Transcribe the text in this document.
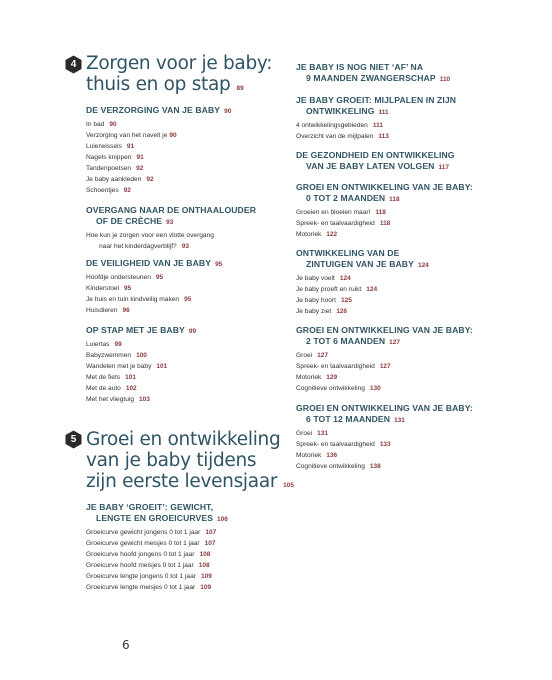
4 Zorgen voor je baby:
thuis en op stap 89
DE VERZORGING VAN JE BABY 90
In bad 90
Verzorging van het navelt je 90
Luierwissels 91
Nagels knippen 91
Tandenpoetsen 92
Je baby aankleden 92
Schoentjes 92
OVERGANG NAAR DE ONTHAALOUDER
OF DE CRÈCHE 93
Hoe kun je zorgen voor een vlotte overgang
naar het kinderdagverblijf? 93
DE VEILIGHEID VAN JE BABY 95
Hoofdje ondersteunen 95
Kinderstoel 95
Je huis en tuin kindveilig maken 95
Huisdieren 96
OP STAP MET JE BABY 99
Luiertas 99
Babyzwemmen 100
Wandelen met je baby 101
Met de fiets 101
Met de auto 102
Met het vliegtuig 103
5 Groei en ontwikkeling
van je baby tijdens
zijn eerste levensjaar 105
JE BABY ‘GROEIT’: GEWICHT,
LENGTE EN GROEICURVES 106
Groeicurve gewicht jongens 0 tot 1 jaar 107
Groeicurve gewicht meisjes 0 tot 1 jaar 107
Groeicurve hoofd jongens 0 tot 1 jaar 108
Groeicurve hoofd meisjes 0 tot 1 jaar 108
Groeicurve lengte jongens 0 tot 1 jaar 109
Groeicurve lengte meisjes 0 tot 1 jaar 109
JE BABY IS NOG NIET ‘AF’ NA
9 MAANDEN ZWANGERSCHAP 110
JE BABY GROEIT: MIJLPALEN IN ZIJN
ONTWIKKELING 111
4 ontwikkelingsgebieden 111
Overzicht van de mijlpalen 113
DE GEZONDHEID EN ONTWIKKELING
VAN JE BABY LATEN VOLGEN 117
GROEI EN ONTWIKKELING VAN JE BABY:
0 TOT 2 MAANDEN 118
Groeien en bloeien maar! 118
Spreek- en taalvaardigheid 118
Motoriek 122
ONTWIKKELING VAN DE
ZINTUIGEN VAN JE BABY 124
Je baby voelt 124
Je baby proeft en ruikt 124
Je baby hoort 125
Je baby ziet 126
GROEI EN ONTWIKKELING VAN JE BABY:
2 TOT 6 MAANDEN 127
Groei 127
Spreek- en taalvaardigheid 127
Motoriek 129
Cognitieve ontwikkeling 130
GROEI EN ONTWIKKELING VAN JE BABY:
6 TOT 12 MAANDEN 131
Groei 131
Spreek- en taalvaardigheid 133
Motoriek 136
Cognitieve ontwikkeling 138
6
